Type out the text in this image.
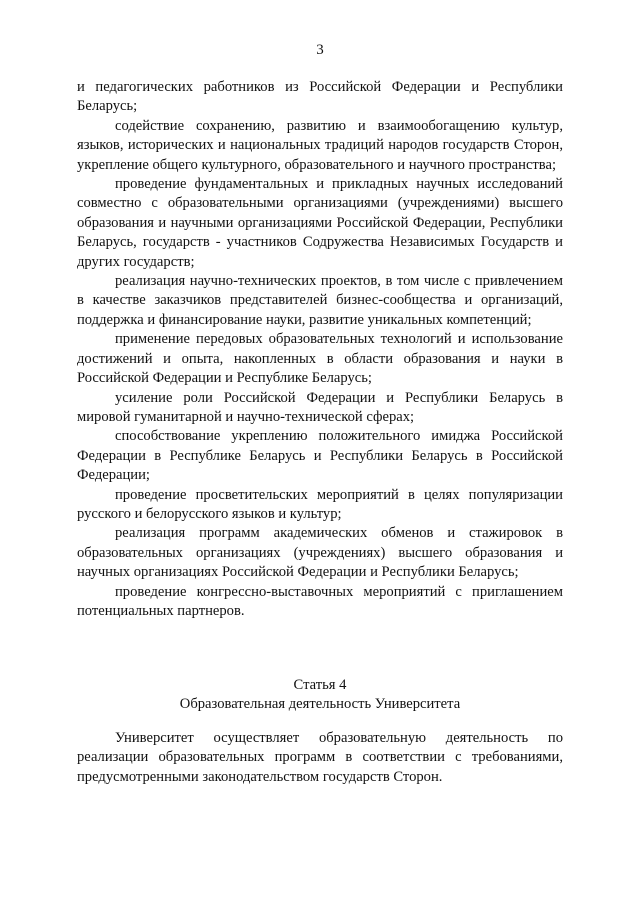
3

и педагогических работников из Российской Федерации и Республики Беларусь;

содействие сохранению, развитию и взаимообогащению культур, языков, исторических и национальных традиций народов государств Сторон, укрепление общего культурного, образовательного и научного пространства;

проведение фундаментальных и прикладных научных исследований совместно с образовательными организациями (учреждениями) высшего образования и научными организациями Российской Федерации, Республики Беларусь, государств - участников Содружества Независимых Государств и других государств;

реализация научно-технических проектов, в том числе с привлечением в качестве заказчиков представителей бизнес-сообщества и организаций, поддержка и финансирование науки, развитие уникальных компетенций;

применение передовых образовательных технологий и использование достижений и опыта, накопленных в области образования и науки в Российской Федерации и Республике Беларусь;

усиление роли Российской Федерации и Республики Беларусь в мировой гуманитарной и научно-технической сферах;

способствование укреплению положительного имиджа Российской Федерации в Республике Беларусь и Республики Беларусь в Российской Федерации;

проведение просветительских мероприятий в целях популяризации русского и белорусского языков и культур;

реализация программ академических обменов и стажировок в образовательных организациях (учреждениях) высшего образования и научных организациях Российской Федерации и Республики Беларусь;

проведение конгрессно-выставочных мероприятий с приглашением потенциальных партнеров.

Статья 4
Образовательная деятельность Университета

Университет осуществляет образовательную деятельность по реализации образовательных программ в соответствии с требованиями, предусмотренными законодательством государств Сторон.
